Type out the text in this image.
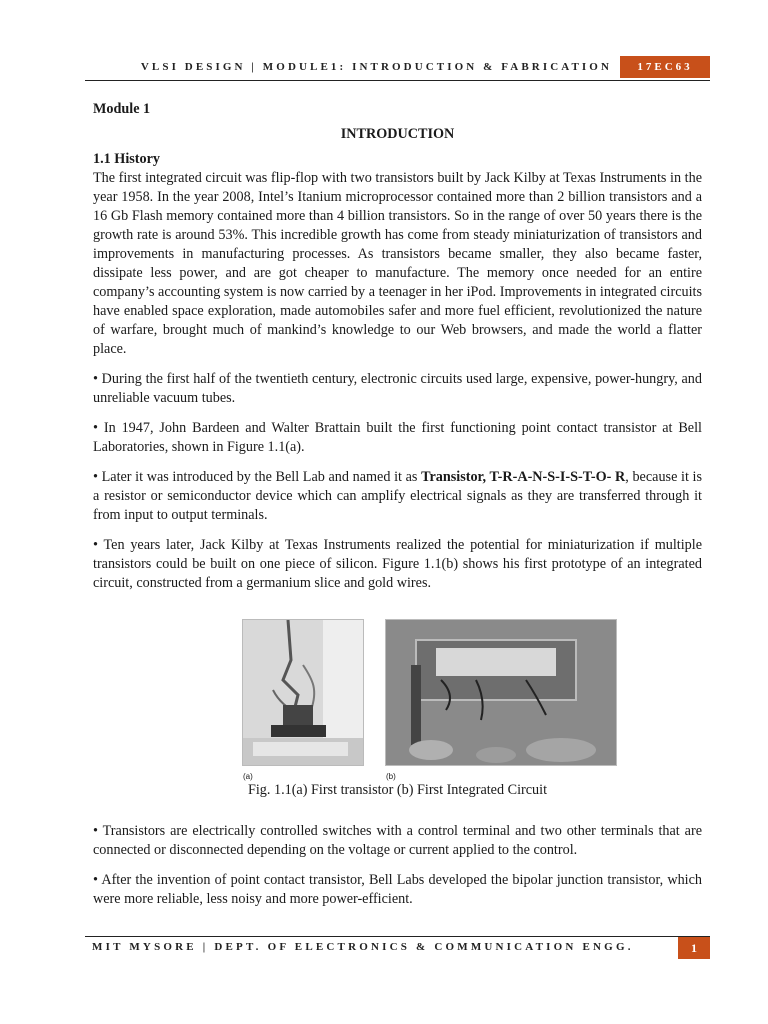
VLSI DESIGN | MODULE1: INTRODUCTION & FABRICATION	17EC63
Module 1
INTRODUCTION
1.1 History

The first integrated circuit was flip-flop with two transistors built by Jack Kilby at Texas Instruments in the year 1958. In the year 2008, Intel’s Itanium microprocessor contained more than 2 billion transistors and a 16 Gb Flash memory contained more than 4 billion transistors. So in the range of over 50 years there is the growth rate is around 53%. This incredible growth has come from steady miniaturization of transistors and improvements in manufacturing processes. As transistors became smaller, they also became faster, dissipate less power, and are got cheaper to manufacture. The memory once needed for an entire company’s accounting system is now carried by a teenager in her iPod. Improvements in integrated circuits have enabled space exploration, made automobiles safer and more fuel efficient, revolutionized the nature of warfare, brought much of mankind’s knowledge to our Web browsers, and made the world a flatter place.

• During the first half of the twentieth century, electronic circuits used large, expensive, power-hungry, and unreliable vacuum tubes.

• In 1947, John Bardeen and Walter Brattain built the first functioning point contact transistor at Bell Laboratories, shown in Figure 1.1(a).

• Later it was introduced by the Bell Lab and named it as Transistor, T-R-A-N-S-I-S-T-O- R, because it is a resistor or semiconductor device which can amplify electrical signals as they are transferred through it from input to output terminals.

• Ten years later, Jack Kilby at Texas Instruments realized the potential for miniaturization if multiple transistors could be built on one piece of silicon. Figure 1.1(b) shows his first prototype of an integrated circuit, constructed from a germanium slice and gold wires.

(a)	(b)
Fig. 1.1(a) First transistor (b) First Integrated Circuit

• Transistors are electrically controlled switches with a control terminal and two other terminals that are connected or disconnected depending on the voltage or current applied to the control.

• After the invention of point contact transistor, Bell Labs developed the bipolar junction transistor, which were more reliable, less noisy and more power-efficient.

MIT MYSORE | DEPT. OF ELECTRONICS & COMMUNICATION ENGG.	1
